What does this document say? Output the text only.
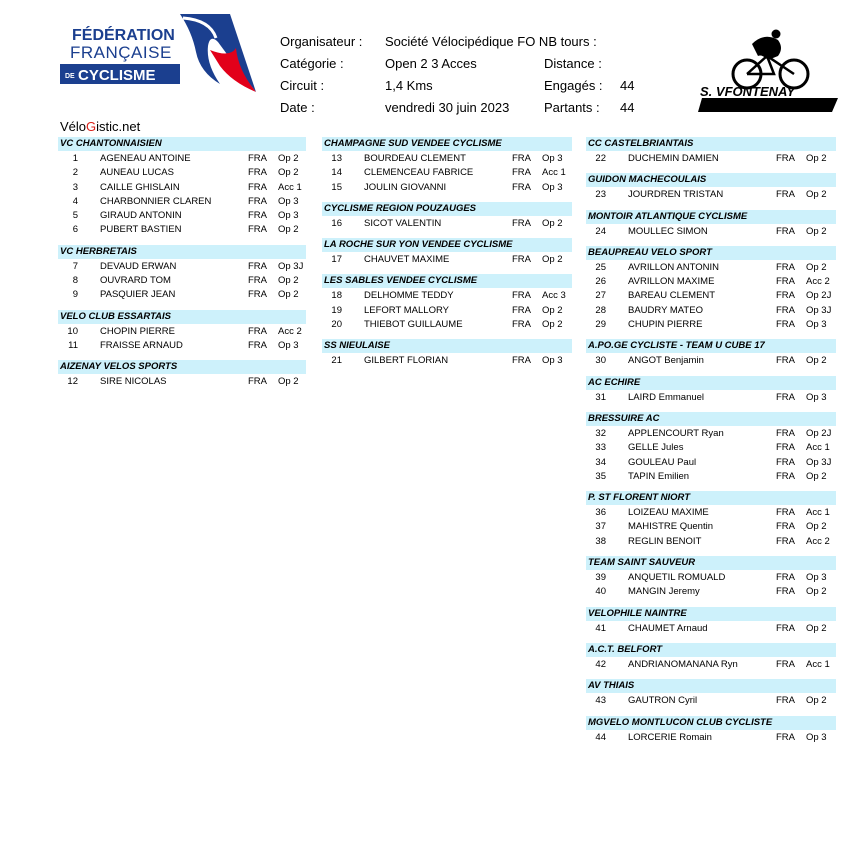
FÉDÉRATION
FRANÇAISE
DE CYCLISME
Organisateur : Société Vélocipédique FO NB tours :
Catégorie :	Open 2 3 Acces
Circuit :	1,4 Kms
Date :	vendredi 30 juin 2023
Distance :
Engagés : 44
Partants : 44
S. VFONTENAY
VéloGistic.net
VC CHANTONNAISIEN
1 AGENEAU ANTOINE	FRA Op 2
2 AUNEAU LUCAS	FRA Op 2
3 CAILLE GHISLAIN	FRA Acc 1
4 CHARBONNIER CLAREN	FRA Op 3
5 GIRAUD ANTONIN	FRA Op 3
6 PUBERT BASTIEN	FRA Op 2
VC HERBRETAIS
7 DEVAUD ERWAN	FRA Op 3J
8 OUVRARD TOM	FRA Op 2
9 PASQUIER JEAN	FRA Op 2
VELO CLUB ESSARTAIS
10 CHOPIN PIERRE	FRA Acc 2
11 FRAISSE ARNAUD	FRA Op 3
AIZENAY VELOS SPORTS
12 SIRE NICOLAS	FRA Op 2
CHAMPAGNE SUD VENDEE CYCLISME
13 BOURDEAU CLEMENT	FRA Op 3
14 CLEMENCEAU FABRICE	FRA Acc 1
15 JOULIN GIOVANNI	FRA Op 3
CYCLISME REGION POUZAUGES
16 SICOT VALENTIN	FRA Op 2
LA ROCHE SUR YON VENDEE CYCLISME
17 CHAUVET MAXIME	FRA Op 2
LES SABLES VENDEE CYCLISME
18 DELHOMME TEDDY	FRA Acc 3
19 LEFORT MALLORY	FRA Op 2
20 THIEBOT GUILLAUME	FRA Op 2
SS NIEULAISE
21 GILBERT FLORIAN	FRA Op 3
CC CASTELBRIANTAIS
22 DUCHEMIN DAMIEN	FRA Op 2
GUIDON MACHECOULAIS
23 JOURDREN TRISTAN	FRA Op 2
MONTOIR ATLANTIQUE CYCLISME
24 MOULLEC SIMON	FRA Op 2
BEAUPREAU VELO SPORT
25 AVRILLON ANTONIN	FRA Op 2
26 AVRILLON MAXIME	FRA Acc 2
27 BAREAU CLEMENT	FRA Op 2J
28 BAUDRY MATEO	FRA Op 3J
29 CHUPIN PIERRE	FRA Op 3
A.PO.GE CYCLISTE - TEAM U CUBE 17
30 ANGOT Benjamin	FRA Op 2
AC ECHIRE
31 LAIRD Emmanuel	FRA Op 3
BRESSUIRE AC
32 APPLENCOURT Ryan	FRA Op 2J
33 GELLE Jules	FRA Acc 1
34 GOULEAU Paul	FRA Op 3J
35 TAPIN Emilien	FRA Op 2
P. ST FLORENT NIORT
36 LOIZEAU MAXIME	FRA Acc 1
37 MAHISTRE Quentin	FRA Op 2
38 REGLIN BENOIT	FRA Acc 2
TEAM SAINT SAUVEUR
39 ANQUETIL ROMUALD	FRA Op 3
40 MANGIN Jeremy	FRA Op 2
VELOPHILE NAINTRE
41 CHAUMET Arnaud	FRA Op 2
A.C.T. BELFORT
42 ANDRIANOMANANA Ryn	FRA Acc 1
AV THIAIS
43 GAUTRON Cyril	FRA Op 2
MGVELO MONTLUCON CLUB CYCLISTE
44 LORCERIE Romain	FRA Op 3
